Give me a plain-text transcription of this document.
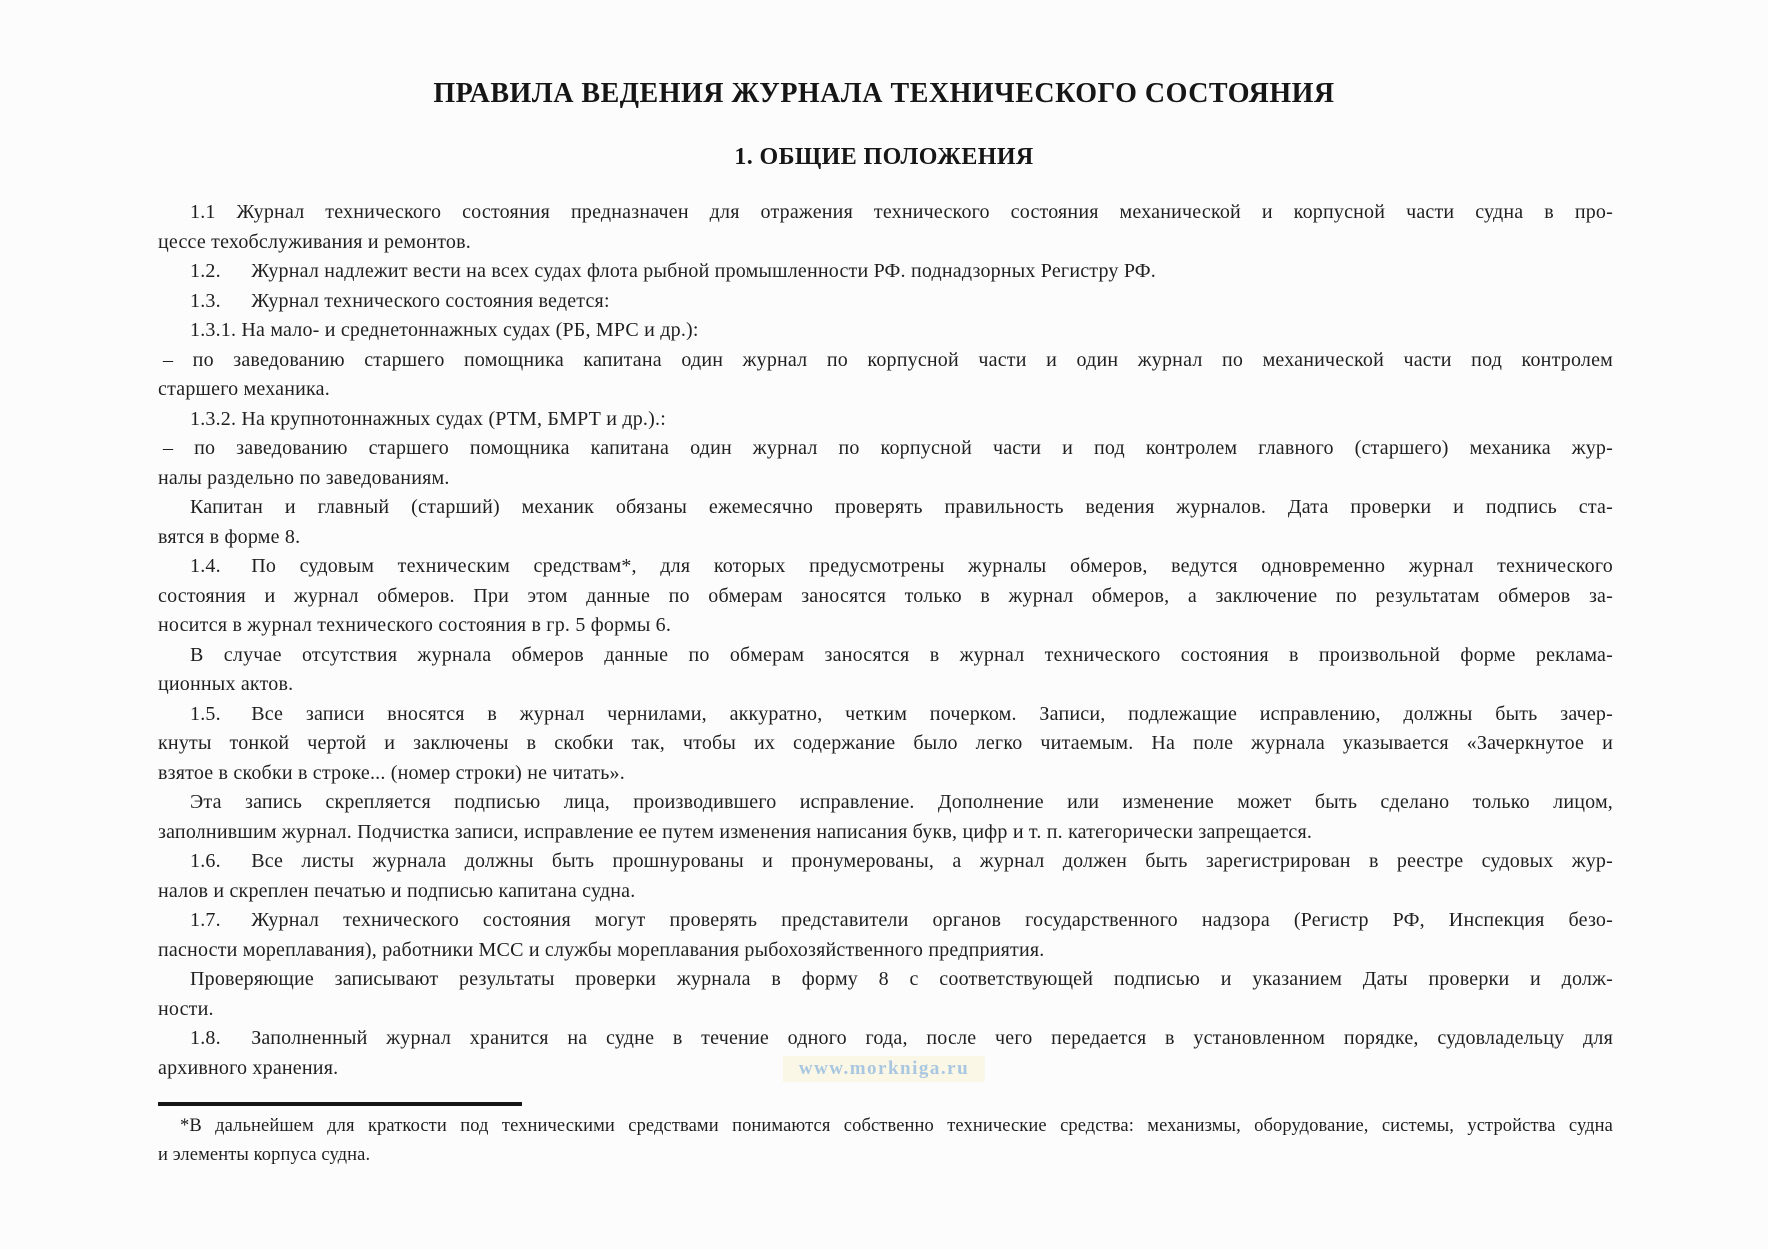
ПРАВИЛА ВЕДЕНИЯ ЖУРНАЛА ТЕХНИЧЕСКОГО СОСТОЯНИЯ
1. ОБЩИЕ ПОЛОЖЕНИЯ
1.1 Журнал технического состояния предназначен для отражения технического состояния механической и корпусной части судна в про-
цессе техобслуживания и ремонтов.
1.2.  Журнал надлежит вести на всех судах флота рыбной промышленности РФ. поднадзорных Регистру РФ.
1.3.  Журнал технического состояния ведется:
1.3.1. На мало- и среднетоннажных судах (РБ, МРС и др.):
– по заведованию старшего помощника капитана один журнал по корпусной части и один журнал по механической части под контролем
старшего механика.
1.3.2. На крупнотоннажных судах (РТМ, БМРТ и др.).:
– по заведованию старшего помощника капитана один журнал по корпусной части и под контролем главного (старшего) механика жур-
налы раздельно по заведованиям.
Капитан и главный (старший) механик обязаны ежемесячно проверять правильность ведения журналов. Дата проверки и подпись ста-
вятся в форме 8.
1.4.  По судовым техническим средствам*, для которых предусмотрены журналы обмеров, ведутся одновременно журнал технического
состояния и журнал обмеров. При этом данные по обмерам заносятся только в журнал обмеров, а заключение по результатам обмеров за-
носится в журнал технического состояния в гр. 5 формы 6.
В случае отсутствия журнала обмеров данные по обмерам заносятся в журнал технического состояния в произвольной форме реклама-
ционных актов.
1.5.  Все записи вносятся в журнал чернилами, аккуратно, четким почерком. Записи, подлежащие исправлению, должны быть зачер-
кнуты тонкой чертой и заключены в скобки так, чтобы их содержание было легко читаемым. На поле журнала указывается «Зачеркнутое и
взятое в скобки в строке... (номер строки) не читать».
Эта запись скрепляется подписью лица, производившего исправление. Дополнение или изменение может быть сделано только лицом,
заполнившим журнал. Подчистка записи, исправление ее путем изменения написания букв, цифр и т. п. категорически запрещается.
1.6.  Все листы журнала должны быть прошнурованы и пронумерованы, а журнал должен быть зарегистрирован в реестре судовых жур-
налов и скреплен печатью и подписью капитана судна.
1.7.  Журнал технического состояния могут проверять представители органов государственного надзора (Регистр РФ, Инспекция безо-
пасности мореплавания), работники МСС и службы мореплавания рыбохозяйственного предприятия.
Проверяющие записывают результаты проверки журнала в форму 8 с соответствующей подписью и указанием Даты проверки и долж-
ности.
1.8.  Заполненный журнал хранится на судне в течение одного года, после чего передается в установленном порядке, судовладельцу для
архивного хранения.	www.morkniga.ru
*В дальнейшем для краткости под техническими средствами понимаются собственно технические средства: механизмы, оборудование, системы, устройства судна
и элементы корпуса судна.
